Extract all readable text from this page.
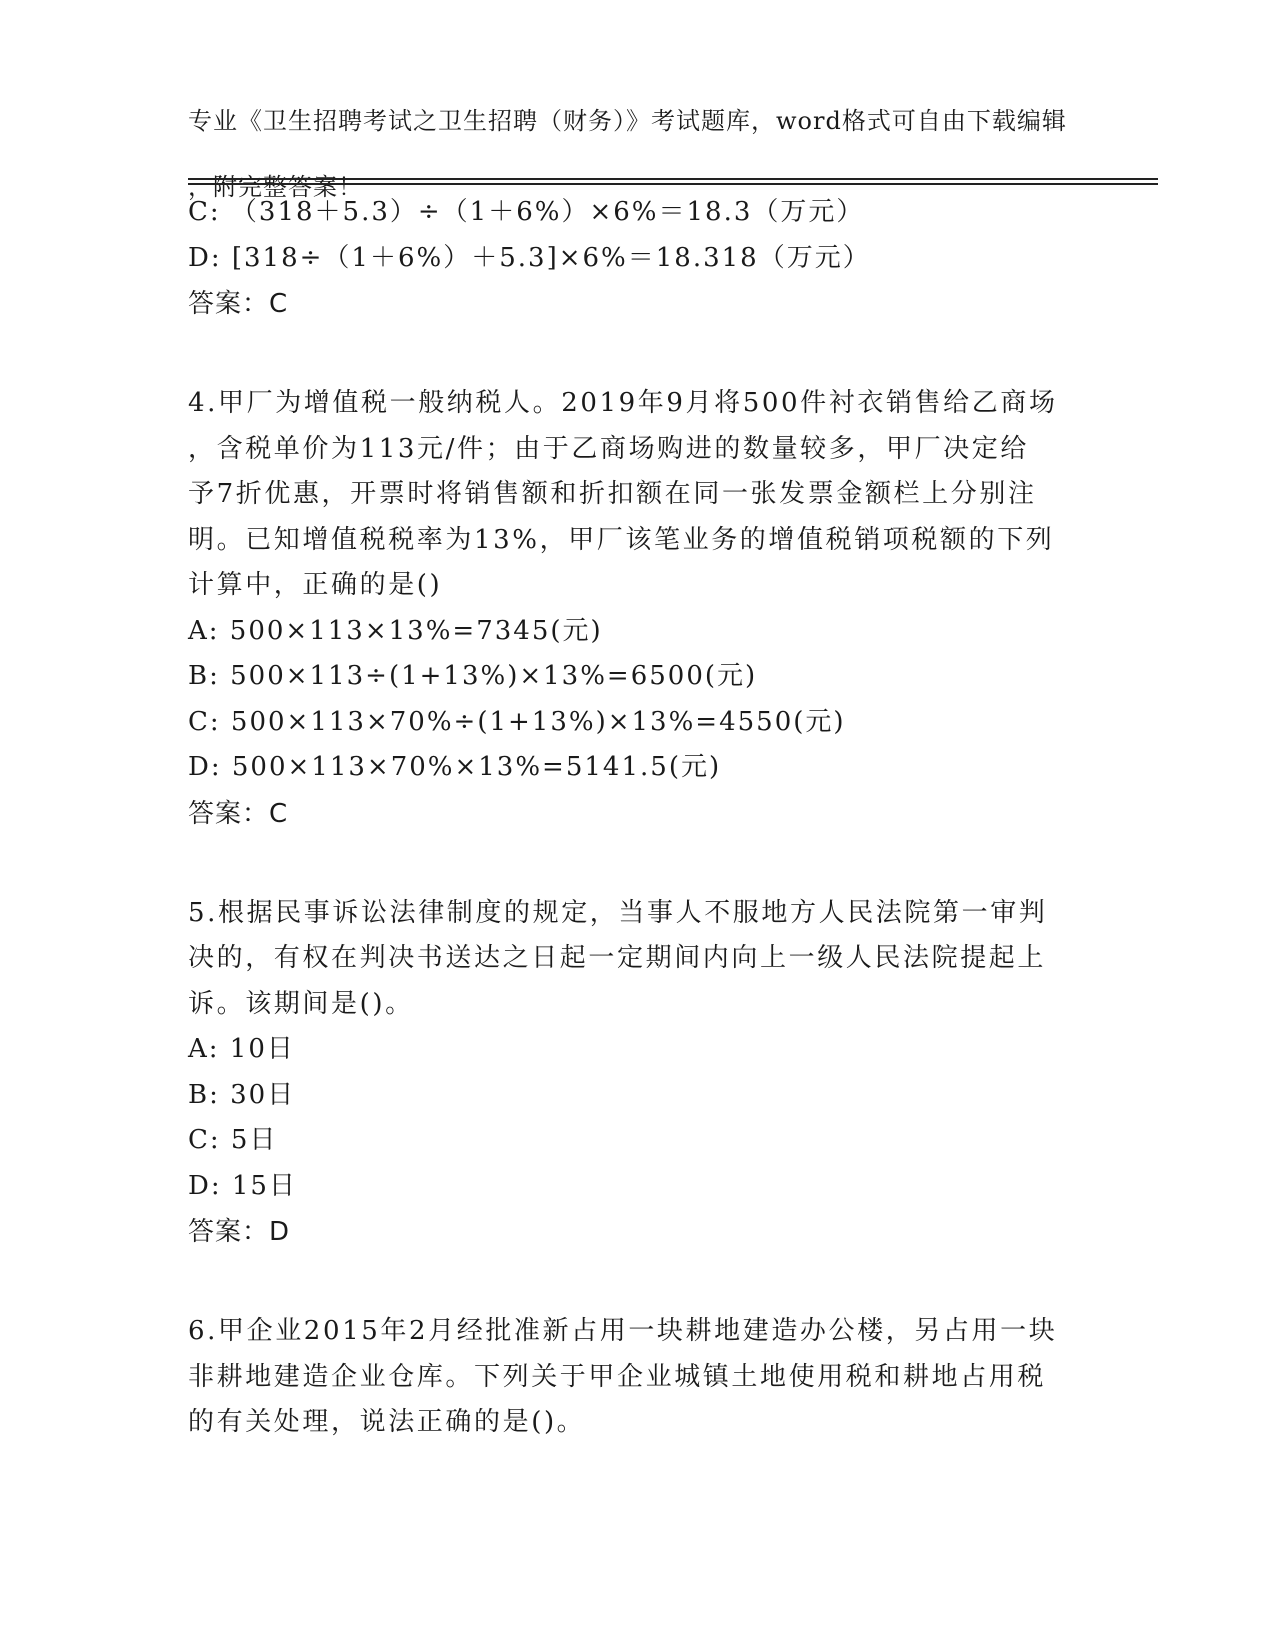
专业《卫生招聘考试之卫生招聘（财务）》考试题库，word格式可自由下载编辑

，附完整答案！

C: （318＋5.3）÷（1＋6%）×6%＝18.3（万元）
D: [318÷（1＋6%）＋5.3]×6%＝18.318（万元）
答案：C
4.甲厂为增值税一般纳税人。2019年9月将500件衬衣销售给乙商场
，含税单价为113元/件；由于乙商场购进的数量较多，甲厂决定给
予7折优惠，开票时将销售额和折扣额在同一张发票金额栏上分别注
明。已知增值税税率为13%，甲厂该笔业务的增值税销项税额的下列
计算中，正确的是()
A: 500×113×13%=7345(元)
B: 500×113÷(1+13%)×13%=6500(元)
C: 500×113×70%÷(1+13%)×13%=4550(元)
D: 500×113×70%×13%=5141.5(元)
答案：C
5.根据民事诉讼法律制度的规定，当事人不服地方人民法院第一审判
决的，有权在判决书送达之日起一定期间内向上一级人民法院提起上
诉。该期间是()。
A: 10日
B: 30日
C: 5日
D: 15日
答案：D
6.甲企业2015年2月经批准新占用一块耕地建造办公楼，另占用一块
非耕地建造企业仓库。下列关于甲企业城镇土地使用税和耕地占用税
的有关处理，说法正确的是()。
